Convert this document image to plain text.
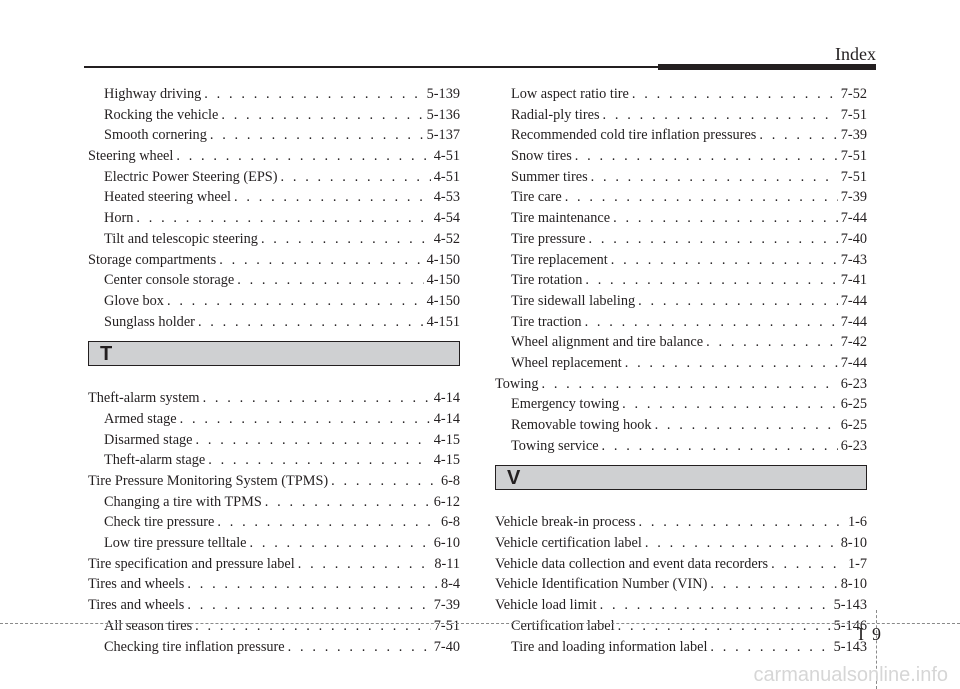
Index
Highway driving . . .	5-139
Rocking the vehicle . . .	5-136
Smooth cornering . . .	5-137
Steering wheel . . .	4-51
Electric Power Steering (EPS) . . .	4-51
Heated steering wheel . . .	4-53
Horn . . .	4-54
Tilt and telescopic steering . . .	4-52
Storage compartments . . .	4-150
Center console storage . . .	4-150
Glove box . . .	4-150
Sunglass holder . . .	4-151
T
Theft-alarm system . . .	4-14
Armed stage . . .	4-14
Disarmed stage . . .	4-15
Theft-alarm stage . . .	4-15
Tire Pressure Monitoring System (TPMS) . . .	6-8
Changing a tire with TPMS . . .	6-12
Check tire pressure . . .	6-8
Low tire pressure telltale . . .	6-10
Tire specification and pressure label . . .	8-11
Tires and wheels . . .	8-4
Tires and wheels . . .	7-39
All season tires . . .	7-51
Checking tire inflation pressure . . .	7-40
Low aspect ratio tire . . .	7-52
Radial-ply tires . . .	7-51
Recommended cold tire inflation pressures . . .	7-39
Snow tires . . .	7-51
Summer tires . . .	7-51
Tire care . . .	7-39
Tire maintenance . . .	7-44
Tire pressure . . .	7-40
Tire replacement . . .	7-43
Tire rotation . . .	7-41
Tire sidewall labeling . . .	7-44
Tire traction . . .	7-44
Wheel alignment and tire balance . . .	7-42
Wheel replacement . . .	7-44
Towing . . .	6-23
Emergency towing . . .	6-25
Removable towing hook . . .	6-25
Towing service . . .	6-23
V
Vehicle break-in process . . .	1-6
Vehicle certification label . . .	8-10
Vehicle data collection and event data recorders . . .	1-7
Vehicle Identification Number (VIN) . . .	8-10
Vehicle load limit . . .	5-143
Certification label . . .	5-146
Tire and loading information label . . .	5-143
I9
carmanualsonline.info
